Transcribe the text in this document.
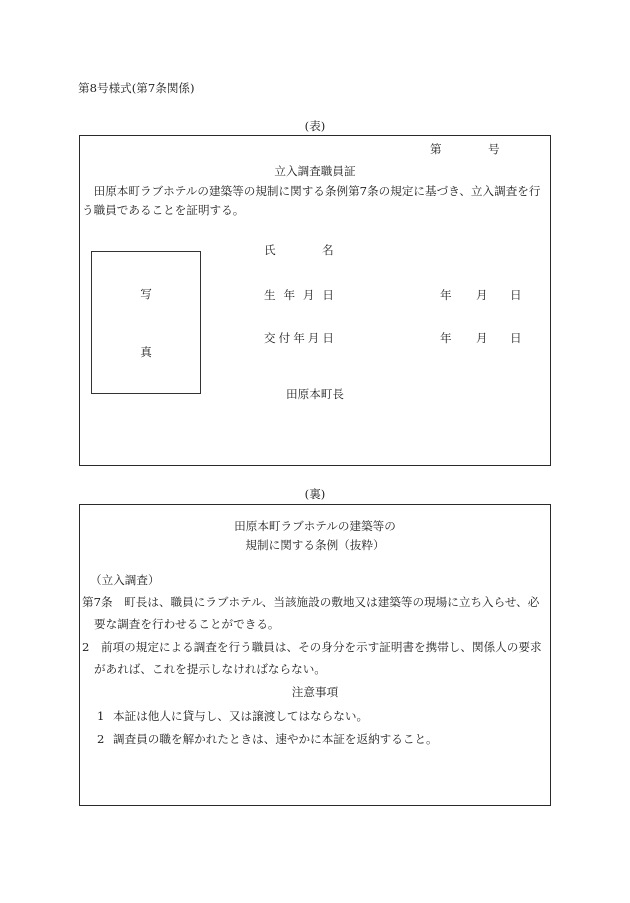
第8号様式(第7条関係)
(表)
第	号
立入調査職員証
　田原本町ラブホテルの建築等の規制に関する条例第7条の規定に基づき、立入調査を行
う職員であることを証明する。
写
真
氏	名
生 年 月 日	年 月 日
交付年月日	年 月 日
田原本町長
(裏)
田原本町ラブホテルの建築等の
規制に関する条例（抜粋）
（立入調査）
第7条　町長は、職員にラブホテル、当該施設の敷地又は建築等の現場に立ち入らせ、必
要な調査を行わせることができる。
2　前項の規定による調査を行う職員は、その身分を示す証明書を携帯し、関係人の要求
があれば、これを提示しなければならない。
注意事項
1 本証は他人に貸与し、又は譲渡してはならない。
2 調査員の職を解かれたときは、速やかに本証を返納すること。
